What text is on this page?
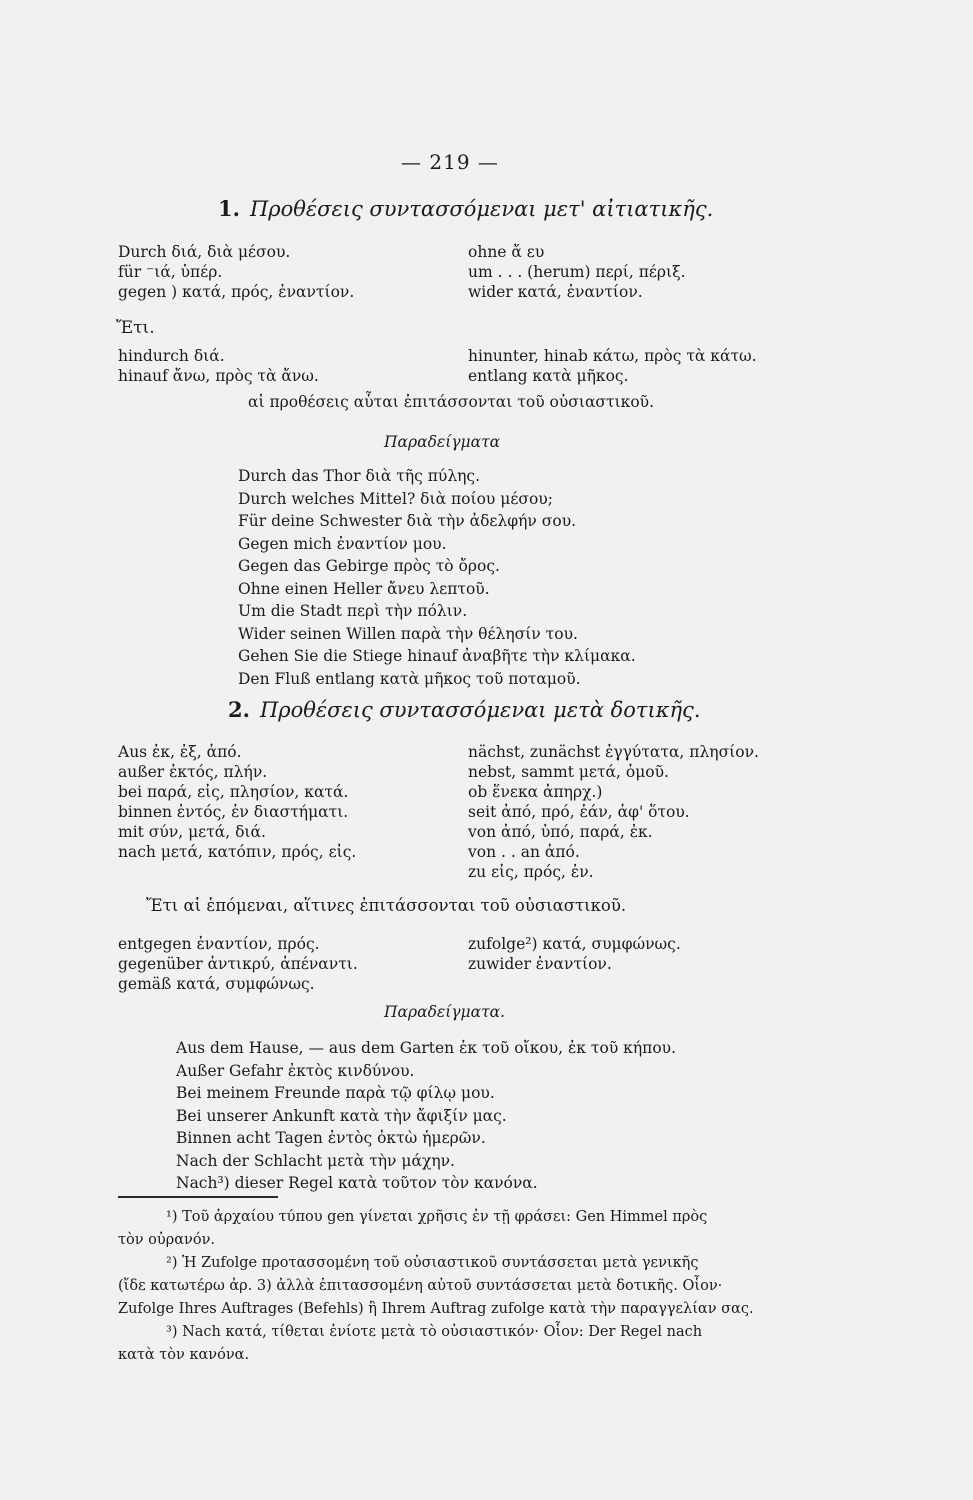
— 219 —
1. Προθέσεις συντασσόμεναι μετ' αἰτιατικῆς.
Durch διά, διὰ μέσου.
für ⁻ιά, ὑπέρ.
gegen ) κατά, πρός, ἐναντίον.
ohne ἄ ευ
um . . . (herum) περί, πέριξ.
wider κατά, ἐναντίον.
Ἔτι.
hindurch διά.
hinauf ἄνω, πρὸς τὰ ἄνω.
hinunter, hinab κάτω, πρὸς τὰ κάτω.
entlang κατὰ μῆκος.
αἱ προθέσεις αὗται ἐπιτάσσονται τοῦ οὐσιαστικοῦ.
Παραδείγματα
Durch das Thor διὰ τῆς πύλης.
Durch welches Mittel? διὰ ποίου μέσου;
Für deine Schwester διὰ τὴν ἀδελφήν σου.
Gegen mich ἐναντίον μου.
Gegen das Gebirge πρὸς τὸ ὄρος.
Ohne einen Heller ἄνευ λεπτοῦ.
Um die Stadt περὶ τὴν πόλιν.
Wider seinen Willen παρὰ τὴν θέλησίν του.
Gehen Sie die Stiege hinauf ἀναβῆτε τὴν κλίμακα.
Den Fluß entlang κατὰ μῆκος τοῦ ποταμοῦ.
2. Προθέσεις συντασσόμεναι μετὰ δοτικῆς.
Aus ἐκ, ἐξ, ἀπό.
außer ἐκτός, πλήν.
bei παρά, εἰς, πλησίον, κατά.
binnen ἐντός, ἐν διαστήματι.
mit σύν, μετά, διά.
nach μετά, κατόπιν, πρός, εἰς.
nächst, zunächst ἐγγύτατα, πλησίον.
nebst, sammt μετά, ὁμοῦ.
ob ἕνεκα ἀπηρχ.)
seit ἀπό, πρό, ἐάν, ἀφ' ὅτου.
von ἀπό, ὑπό, παρά, ἐκ.
von . . an ἀπό.
zu εἰς, πρός, ἐν.
Ἔτι αἱ ἑπόμεναι, αἵτινες ἐπιτάσσονται τοῦ οὐσιαστικοῦ.
entgegen ἐναντίον, πρός.
gegenüber ἀντικρύ, ἀπέναντι.
gemäß κατά, συμφώνως.
zufolge²) κατά, συμφώνως.
zuwider ἐναντίον.
Παραδείγματα.
Aus dem Hause, — aus dem Garten ἐκ τοῦ οἴκου, ἐκ τοῦ κήπου.
Außer Gefahr ἐκτὸς κινδύνου.
Bei meinem Freunde παρὰ τῷ φίλῳ μου.
Bei unserer Ankunft κατὰ τὴν ἄφιξίν μας.
Binnen acht Tagen ἐντὸς ὀκτὼ ἡμερῶν.
Nach der Schlacht μετὰ τὴν μάχην.
Nach³) dieser Regel κατὰ τοῦτον τὸν κανόνα.
¹) Τοῦ ἀρχαίου τύπου gen γίνεται χρῆσις ἐν τῇ φράσει: Gen Himmel πρὸς
τὸν οὐρανόν.
²) Ἡ Zufolge προτασσομένη τοῦ οὐσιαστικοῦ συντάσσεται μετὰ γενικῆς
(ἴδε κατωτέρω ἀρ. 3) ἀλλὰ ἐπιτασσομένη αὐτοῦ συντάσσεται μετὰ δοτικῆς. Οἷον·
Zufolge Ihres Auftrages (Befehls) ἢ Ihrem Auftrag zufolge κατὰ τὴν παραγγελίαν σας.
³) Nach κατά, τίθεται ἐνίοτε μετὰ τὸ οὐσιαστικόν· Οἷον: Der Regel nach
κατὰ τὸν κανόνα.
